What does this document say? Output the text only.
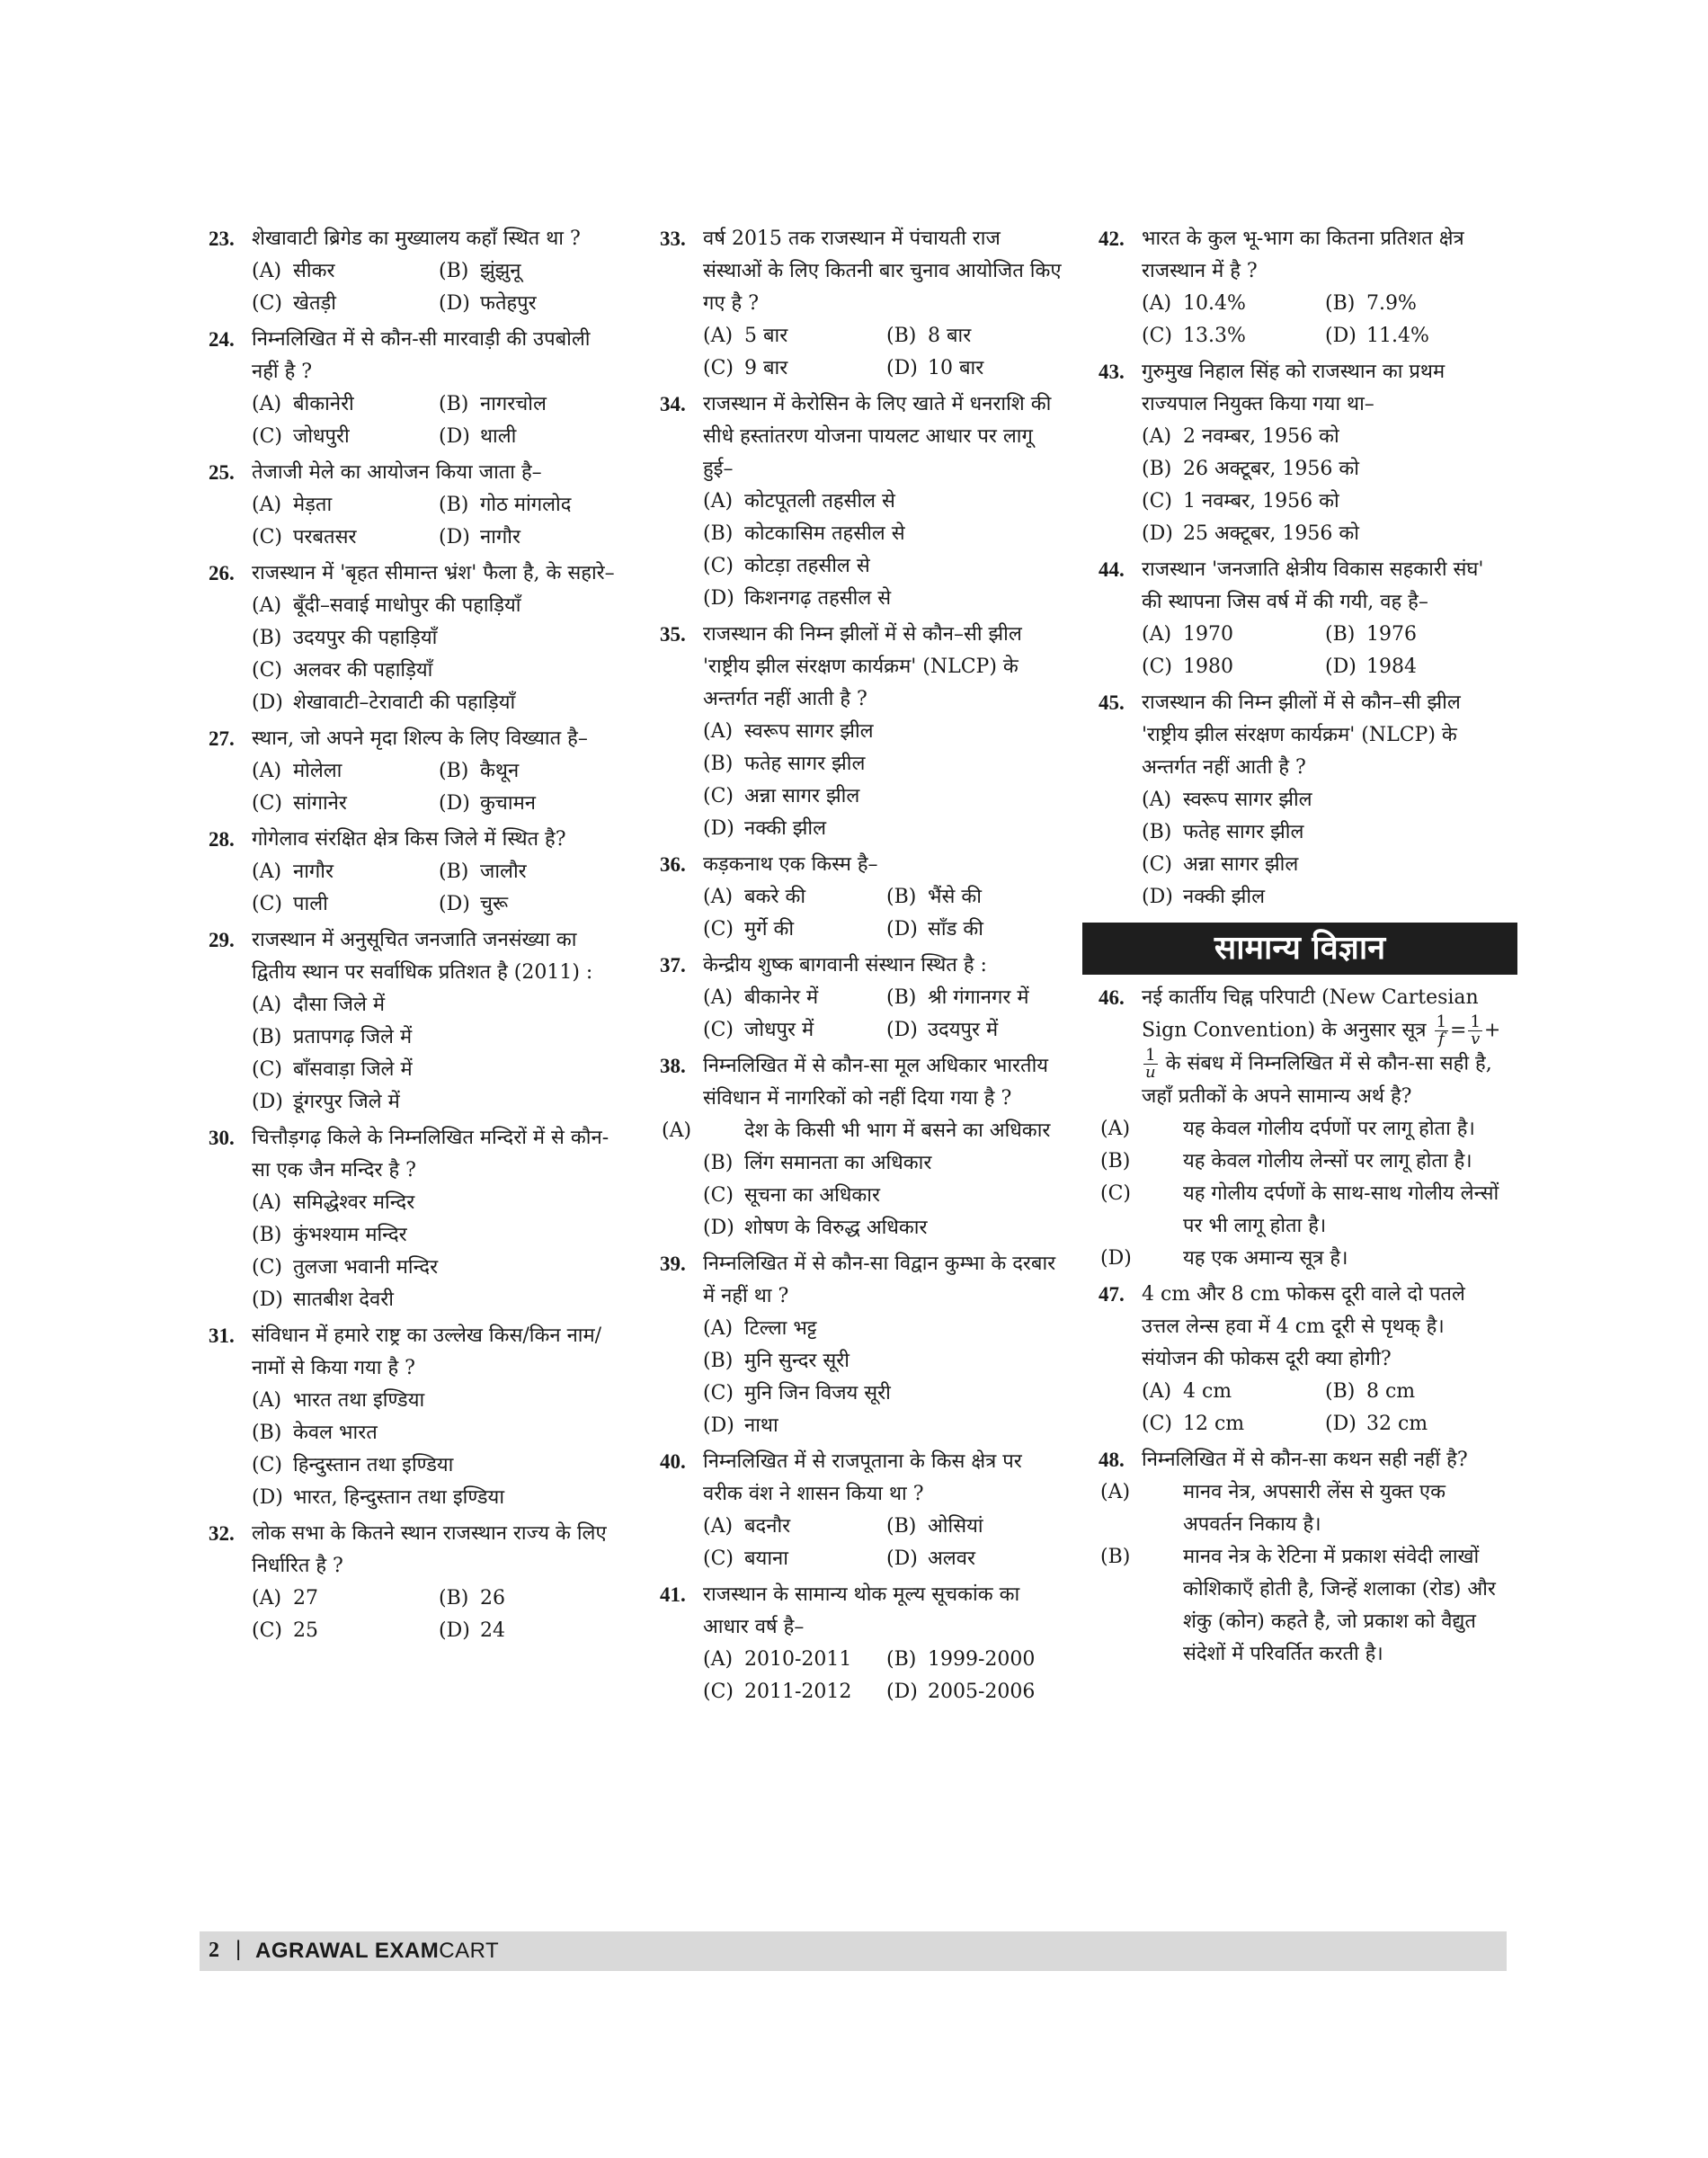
23. शेखावाटी ब्रिगेड का मुख्यालय कहाँ स्थित था ?
(A) सीकर	(B) झुंझुनू
(C) खेतड़ी	(D) फतेहपुर
24. निम्नलिखित में से कौन-सी मारवाड़ी की उपबोली नहीं है ?
(A) बीकानेरी	(B) नागरचोल
(C) जोधपुरी	(D) थाली
25. तेजाजी मेले का आयोजन किया जाता है–
(A) मेड़ता	(B) गोठ मांगलोद
(C) परबतसर	(D) नागौर
26. राजस्थान में 'बृहत सीमान्त भ्रंश' फैला है, के सहारे–
(A) बूँदी–सवाई माधोपुर की पहाड़ियाँ
(B) उदयपुर की पहाड़ियाँ
(C) अलवर की पहाड़ियाँ
(D) शेखावाटी–टेरावाटी की पहाड़ियाँ
27. स्थान, जो अपने मृदा शिल्प के लिए विख्यात है–
(A) मोलेला	(B) कैथून
(C) सांगानेर	(D) कुचामन
28. गोगेलाव संरक्षित क्षेत्र किस जिले में स्थित है?
(A) नागौर	(B) जालौर
(C) पाली	(D) चुरू
29. राजस्थान में अनुसूचित जनजाति जनसंख्या का द्वितीय स्थान पर सर्वाधिक प्रतिशत है (2011) :
(A) दौसा जिले में
(B) प्रतापगढ़ जिले में
(C) बाँसवाड़ा जिले में
(D) डूंगरपुर जिले में
30. चित्तौड़गढ़ किले के निम्नलिखित मन्दिरों में से कौन-सा एक जैन मन्दिर है ?
(A) समिद्धेश्वर मन्दिर
(B) कुंभश्याम मन्दिर
(C) तुलजा भवानी मन्दिर
(D) सातबीश देवरी
31. संविधान में हमारे राष्ट्र का उल्लेख किस/किन नाम/नामों से किया गया है ?
(A) भारत तथा इण्डिया
(B) केवल भारत
(C) हिन्दुस्तान तथा इण्डिया
(D) भारत, हिन्दुस्तान तथा इण्डिया
32. लोक सभा के कितने स्थान राजस्थान राज्य के लिए निर्धारित है ?
(A) 27	(B) 26
(C) 25	(D) 24
33. वर्ष 2015 तक राजस्थान में पंचायती राज संस्थाओं के लिए कितनी बार चुनाव आयोजित किए गए है ?
(A) 5 बार	(B) 8 बार
(C) 9 बार	(D) 10 बार
34. राजस्थान में केरोसिन के लिए खाते में धनराशि की सीधे हस्तांतरण योजना पायलट आधार पर लागू हुई–
(A) कोटपूतली तहसील से
(B) कोटकासिम तहसील से
(C) कोटड़ा तहसील से
(D) किशनगढ़ तहसील से
35. राजस्थान की निम्न झीलों में से कौन–सी झील 'राष्ट्रीय झील संरक्षण कार्यक्रम' (NLCP) के अन्तर्गत नहीं आती है ?
(A) स्वरूप सागर झील
(B) फतेह सागर झील
(C) अन्ना सागर झील
(D) नक्की झील
36. कड़कनाथ एक किस्म है–
(A) बकरे की	(B) भैंसे की
(C) मुर्गे की	(D) साँड की
37. केन्द्रीय शुष्क बागवानी संस्थान स्थित है :
(A) बीकानेर में	(B) श्री गंगानगर में
(C) जोधपुर में	(D) उदयपुर में
38. निम्नलिखित में से कौन-सा मूल अधिकार भारतीय संविधान में नागरिकों को नहीं दिया गया है ?
(A)	देश के किसी भी भाग में बसने का अधिकार
(B) लिंग समानता का अधिकार
(C) सूचना का अधिकार
(D) शोषण के विरुद्ध अधिकार
39. निम्नलिखित में से कौन-सा विद्वान कुम्भा के दरबार में नहीं था ?
(A) टिल्ला भट्ट
(B) मुनि सुन्दर सूरी
(C) मुनि जिन विजय सूरी
(D) नाथा
40. निम्नलिखित में से राजपूताना के किस क्षेत्र पर वरीक वंश ने शासन किया था ?
(A) बदनौर	(B) ओसियां
(C) बयाना	(D) अलवर
41. राजस्थान के सामान्य थोक मूल्य सूचकांक का आधार वर्ष है–
(A) 2010-2011	(B) 1999-2000
(C) 2011-2012	(D) 2005-2006
42. भारत के कुल भू-भाग का कितना प्रतिशत क्षेत्र राजस्थान में है ?
(A) 10.4%	(B) 7.9%
(C) 13.3%	(D) 11.4%
43. गुरुमुख निहाल सिंह को राजस्थान का प्रथम राज्यपाल नियुक्त किया गया था–
(A) 2 नवम्बर, 1956 को
(B) 26 अक्टूबर, 1956 को
(C) 1 नवम्बर, 1956 को
(D) 25 अक्टूबर, 1956 को
44. राजस्थान 'जनजाति क्षेत्रीय विकास सहकारी संघ' की स्थापना जिस वर्ष में की गयी, वह है–
(A) 1970	(B) 1976
(C) 1980	(D) 1984
45. राजस्थान की निम्न झीलों में से कौन–सी झील 'राष्ट्रीय झील संरक्षण कार्यक्रम' (NLCP) के अन्तर्गत नहीं आती है ?
(A) स्वरूप सागर झील
(B) फतेह सागर झील
(C) अन्ना सागर झील
(D) नक्की झील
सामान्य विज्ञान
46. नई कार्तीय चिह्न परिपाटी (New Cartesian Sign Convention) के अनुसार सूत्र $\frac{1}{f} = \frac{1}{v}$ +
$\frac{1}{u}$ के संबध में निम्नलिखित में से कौन-सा सही है, जहाँ प्रतीकों के अपने सामान्य अर्थ है?
(A)	यह केवल गोलीय दर्पणों पर लागू होता है।
(B)	यह केवल गोलीय लेन्सों पर लागू होता है।
(C)	यह गोलीय दर्पणों के साथ-साथ गोलीय लेन्सों पर भी लागू होता है।
(D)	यह एक अमान्य सूत्र है।
47. 4 cm और 8 cm फोकस दूरी वाले दो पतले उत्तल लेन्स हवा में 4 cm दूरी से पृथक् है। संयोजन की फोकस दूरी क्या होगी?
(A) 4 cm	(B) 8 cm
(C) 12 cm	(D) 32 cm
48. निम्नलिखित में से कौन-सा कथन सही नहीं है?
(A)	मानव नेत्र, अपसारी लेंस से युक्त एक अपवर्तन निकाय है।
(B)	मानव नेत्र के रेटिना में प्रकाश संवेदी लाखों कोशिकाएँ होती है, जिन्हें शलाका (रोड) और शंकु (कोन) कहते है, जो प्रकाश को वैद्युत संदेशों में परिवर्तित करती है।
2 | AGRAWAL EXAMCART
